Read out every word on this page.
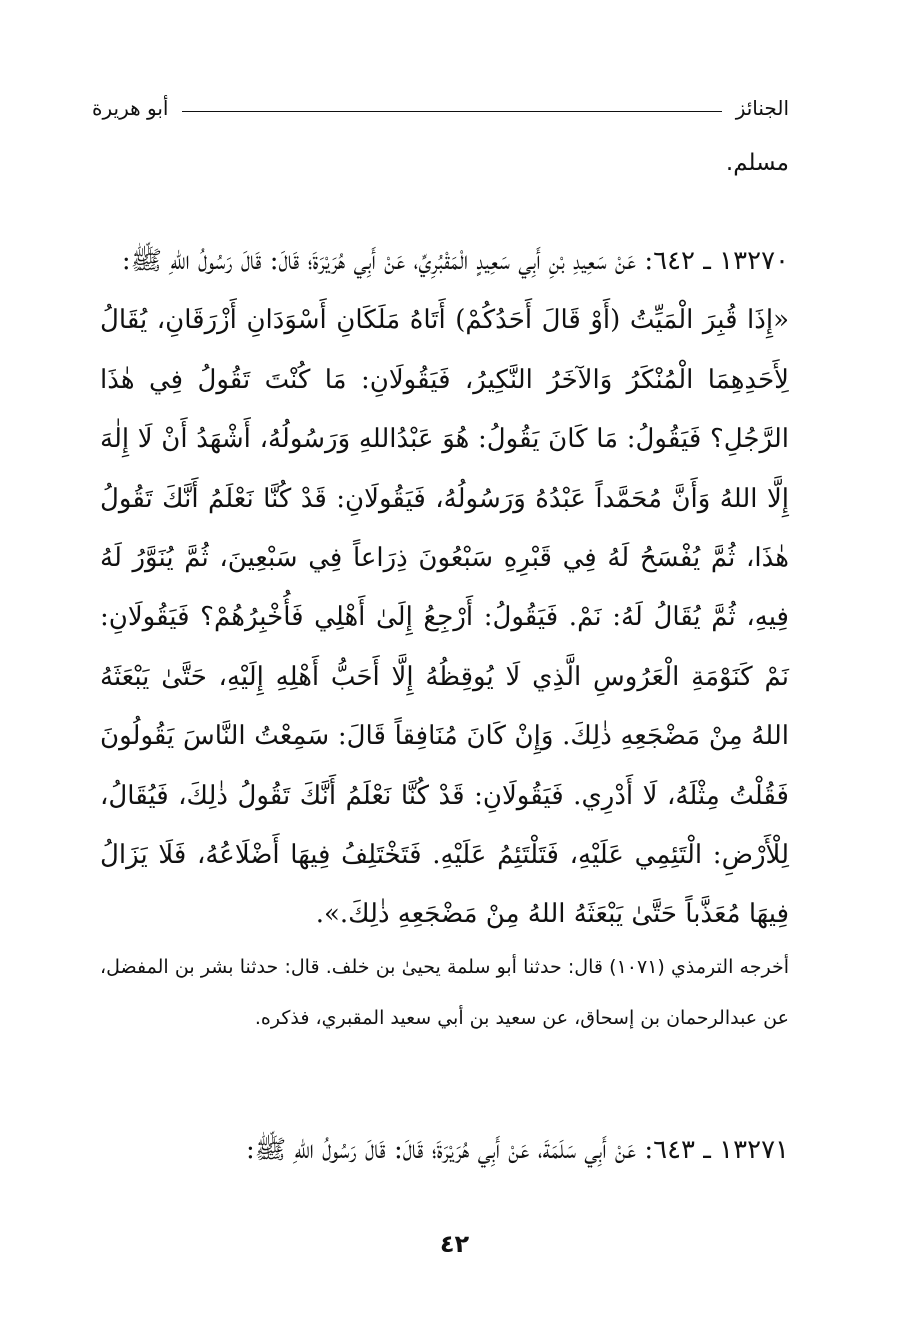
الجنائز
أبو هريرة

مسلم.

١٣٢٧٠ ـ ٦٤٢: عَنْ سَعِيدِ بْنِ أَبِي سَعِيدٍ الْمَقْبُرِيِّ، عَنْ أَبِي هُرَيْرَةَ؛ قَالَ: قَالَ رَسُولُ اللهِ ﷺ:
«إِذَا قُبِرَ الْمَيِّتُ (أَوْ قَالَ أَحَدُكُمْ) أَتَاهُ مَلَكَانِ أَسْوَدَانِ أَزْرَقَانِ، يُقَالُ لِأَحَدِهِمَا الْمُنْكَرُ وَالآخَرُ النَّكِيرُ، فَيَقُولَانِ: مَا كُنْتَ تَقُولُ فِي هٰذَا الرَّجُلِ؟ فَيَقُولُ: مَا كَانَ يَقُولُ: هُوَ عَبْدُاللهِ وَرَسُولُهُ، أَشْهَدُ أَنْ لَا إِلٰهَ إِلَّا اللهُ وَأَنَّ مُحَمَّداً عَبْدُهُ وَرَسُولُهُ، فَيَقُولَانِ: قَدْ كُنَّا نَعْلَمُ أَنَّكَ تَقُولُ هٰذَا، ثُمَّ يُفْسَحُ لَهُ فِي قَبْرِهِ سَبْعُونَ ذِرَاعاً فِي سَبْعِينَ، ثُمَّ يُنَوَّرُ لَهُ فِيهِ، ثُمَّ يُقَالُ لَهُ: نَمْ. فَيَقُولُ: أَرْجِعُ إِلَىٰ أَهْلِي فَأُخْبِرُهُمْ؟ فَيَقُولَانِ: نَمْ كَنَوْمَةِ الْعَرُوسِ الَّذِي لَا يُوقِظُهُ إِلَّا أَحَبُّ أَهْلِهِ إِلَيْهِ، حَتَّىٰ يَبْعَثَهُ اللهُ مِنْ مَضْجَعِهِ ذٰلِكَ. وَإِنْ كَانَ مُنَافِقاً قَالَ: سَمِعْتُ النَّاسَ يَقُولُونَ فَقُلْتُ مِثْلَهُ، لَا أَدْرِي. فَيَقُولَانِ: قَدْ كُنَّا نَعْلَمُ أَنَّكَ تَقُولُ ذٰلِكَ، فَيُقَالُ، لِلْأَرْضِ: الْتَئِمِي عَلَيْهِ، فَتَلْتَئِمُ عَلَيْهِ. فَتَخْتَلِفُ فِيهَا أَضْلَاعُهُ، فَلَا يَزَالُ فِيهَا مُعَذَّباً حَتَّىٰ يَبْعَثَهُ اللهُ مِنْ مَضْجَعِهِ ذٰلِكَ.».

أخرجه الترمذي (١٠٧١) قال: حدثنا أبو سلمة يحيىٰ بن خلف. قال: حدثنا بشر بن المفضل، عن عبدالرحمان بن إسحاق، عن سعيد بن أبي سعيد المقبري، فذكره.

١٣٢٧١ ـ ٦٤٣: عَنْ أَبِي سَلَمَةَ، عَنْ أَبِي هُرَيْرَةَ؛ قَالَ: قَالَ رَسُولُ اللهِ ﷺ:

٤٢
